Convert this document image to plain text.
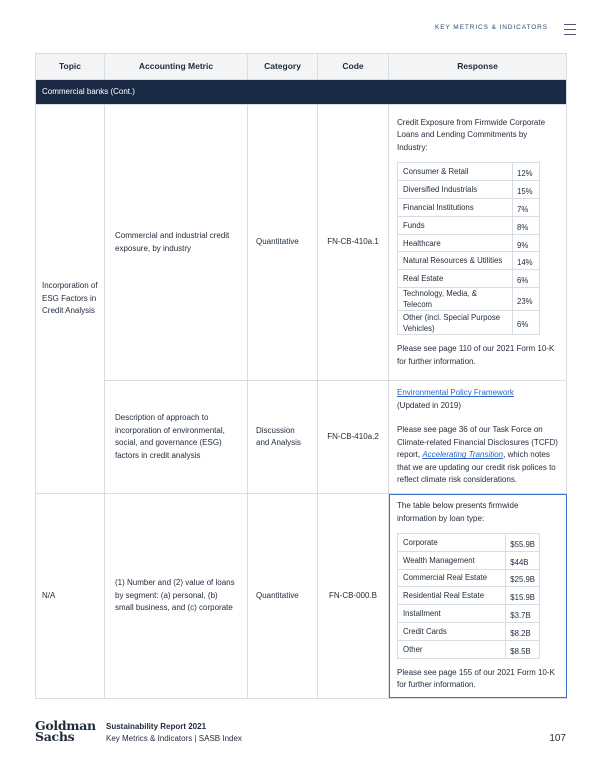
KEY METRICS & INDICATORS
Topic	Accounting Metric	Category	Code	Response
Commercial banks (Cont.)
Incorporation of ESG Factors in Credit Analysis	Commercial and industrial credit exposure, by industry	Quantitative	FN-CB-410a.1	
Credit Exposure from Firmwide Corporate Loans and Lending Commitments by Industry:
Consumer & Retail	12%
Diversified Industrials	15%
Financial Institutions	7%
Funds	8%
Healthcare	9%
Natural Resources & Utilities	14%
Real Estate	6%
Technology, Media, & Telecom	23%
Other (incl. Special Purpose Vehicles)	6%
Please see page 110 of our 2021 Form 10-K for further information.

Description of approach to incorporation of environmental, social, and governance (ESG) factors in credit analysis	Discussion and Analysis	FN-CB-410a.2	
Environmental Policy Framework
(Updated in 2019)
Please see page 36 of our Task Force on Climate-related Financial Disclosures (TCFD) report, Accelerating Transition, which notes that we are updating our credit risk polices to reflect climate risk considerations.

N/A	(1) Number and (2) value of loans by segment: (a) personal, (b) small business, and (c) corporate	Quantitative	FN-CB-000.B	
The table below presents firmwide information by loan type:
Corporate	$55.9B
Wealth Management	$44B
Commercial Real Estate	$25.9B
Residential Real Estate	$15.9B
Installment	$3.7B
Credit Cards	$8.2B
Other	$8.5B
Please see page 155 of our 2021 Form 10-K for further information.
Goldman
Sachs
Sustainability Report 2021
Key Metrics & Indicators | SASB Index	107
